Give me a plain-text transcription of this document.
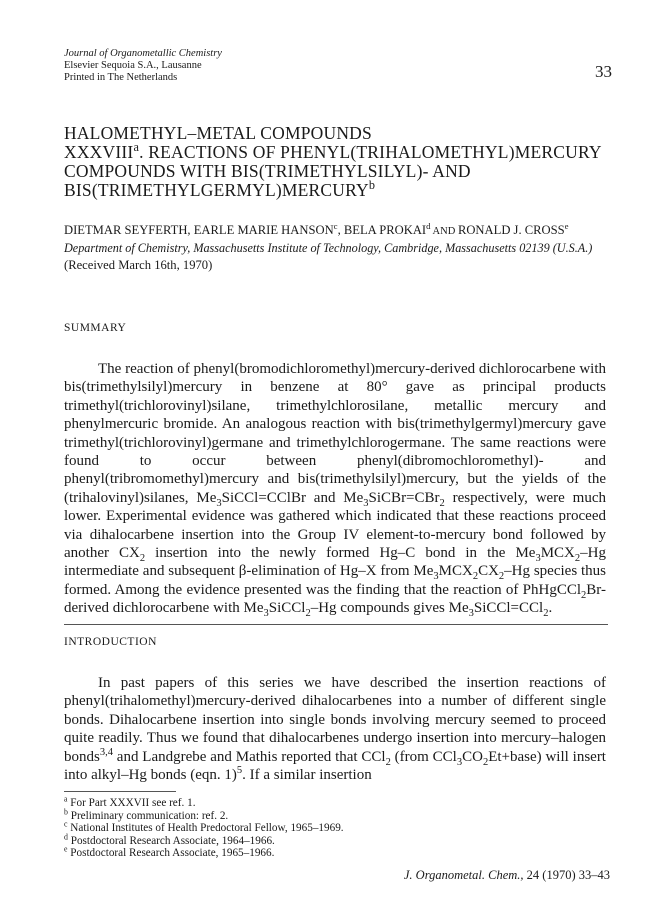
Journal of Organometallic Chemistry
Elsevier Sequoia S.A., Lausanne
Printed in The Netherlands	33
HALOMETHYL–METAL COMPOUNDS
XXXVIII$^a$. REACTIONS OF PHENYL(TRIHALOMETHYL)MERCURY
COMPOUNDS WITH BIS(TRIMETHYLSILYL)- AND
BIS(TRIMETHYLGERMYL)MERCURY$^b$
DIETMAR SEYFERTH, EARLE MARIE HANSON$^c$, BELA PROKAI$^d$ AND RONALD J. CROSS$^e$
Department of Chemistry, Massachusetts Institute of Technology, Cambridge, Massachusetts 02139 (U.S.A.)
(Received March 16th, 1970)
SUMMARY

The reaction of phenyl(bromodichloromethyl)mercury-derived dichlorocarbene with bis(trimethylsilyl)mercury in benzene at 80° gave as principal products trimethyl(trichlorovinyl)silane, trimethylchlorosilane, metallic mercury and phenylmercuric bromide. An analogous reaction with bis(trimethylgermyl)mercury gave trimethyl(trichlorovinyl)germane and trimethylchlorogermane. The same reactions were found to occur between phenyl(dibromochloromethyl)- and phenyl(tribromomethyl)mercury and bis(trimethylsilyl)mercury, but the yields of the (trihalovinyl)silanes, $Me_3SiCCl=CClBr$ and $Me_3SiCBr=CBr_2$ respectively, were much lower. Experimental evidence was gathered which indicated that these reactions proceed via dihalocarbene insertion into the Group IV element-to-mercury bond followed by another $CX_2$ insertion into the newly formed Hg–C bond in the $Me_3MCX_2-Hg$ intermediate and subsequent β-elimination of Hg–X from $Me_3MCX_2CX_2-Hg$ species thus formed. Among the evidence presented was the finding that the reaction of PhHgCCl$_2$Br-derived dichlorocarbene with $Me_3SiCCl_2-Hg$ compounds gives $Me_3SiCCl=CCl_2$.

INTRODUCTION

In past papers of this series we have described the insertion reactions of phenyl(trihalomethyl)mercury-derived dihalocarbenes into a number of different single bonds. Dihalocarbene insertion into single bonds involving mercury seemed to proceed quite readily. Thus we found that dihalocarbenes undergo insertion into mercury–halogen bonds$^{3,4}$ and Landgrebe and Mathis reported that CCl$_2$ (from $CCl_3CO_2Et+base$) will insert into alkyl–Hg bonds (eqn. 1)$^5$. If a similar insertion

$^a$ For Part XXXVII see ref. 1.
$^b$ Preliminary communication: ref. 2.
$^c$ National Institutes of Health Predoctoral Fellow, 1965–1969.
$^d$ Postdoctoral Research Associate, 1964–1966.
$^e$ Postdoctoral Research Associate, 1965–1966.
J. Organometal. Chem., 24 (1970) 33–43
